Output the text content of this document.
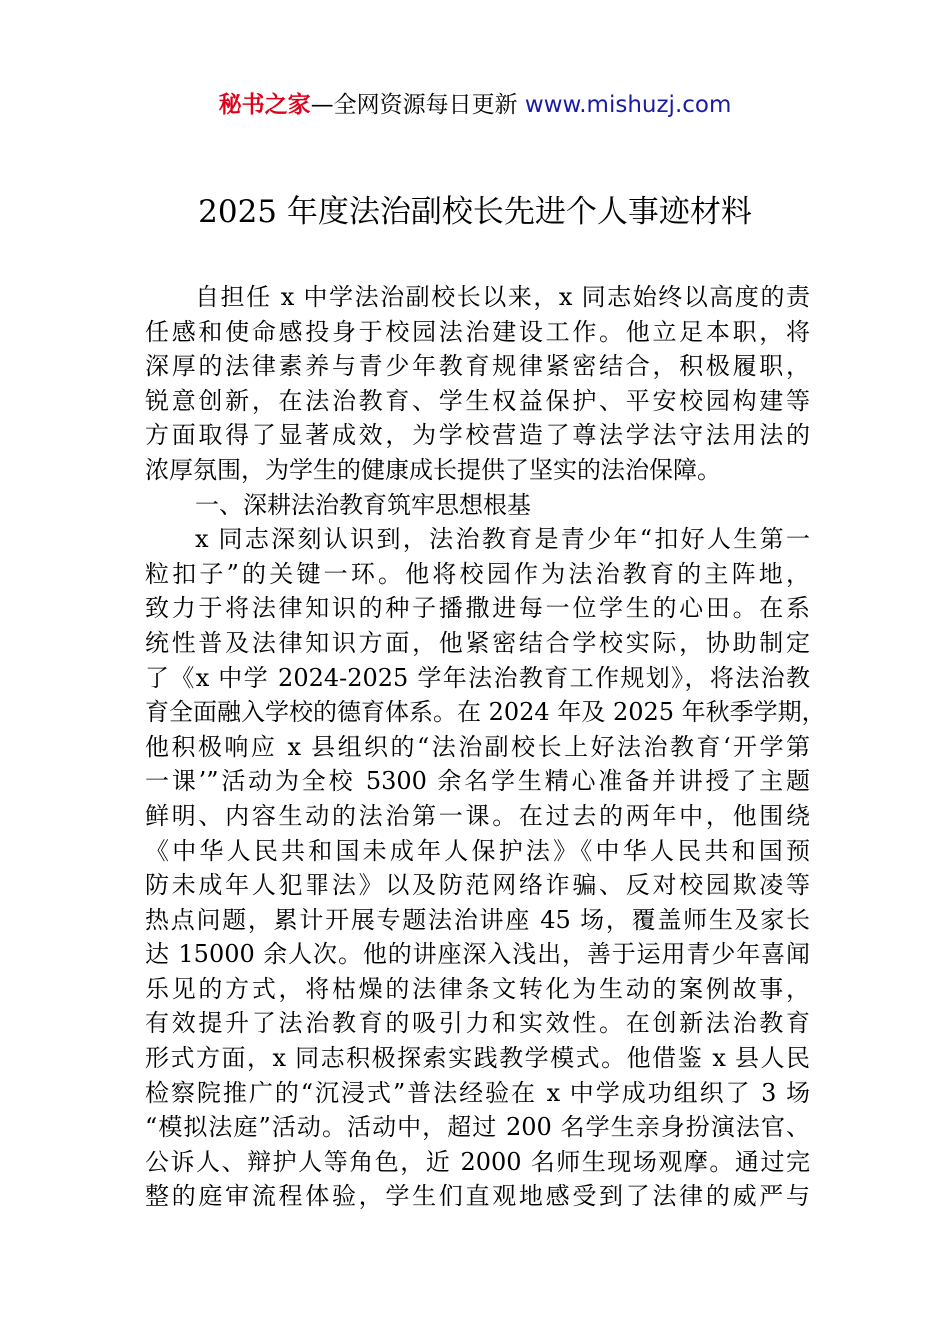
秘书之家—全网资源每日更新 www.mishuzj.com
2025 年度法治副校长先进个人事迹材料
自担任 x 中学法治副校长以来，x 同志始终以高度的责
任感和使命感投身于校园法治建设工作。他立足本职，将
深厚的法律素养与青少年教育规律紧密结合，积极履职，
锐意创新，在法治教育、学生权益保护、平安校园构建等
方面取得了显著成效，为学校营造了尊法学法守法用法的
浓厚氛围，为学生的健康成长提供了坚实的法治保障。
一、深耕法治教育筑牢思想根基
x 同志深刻认识到，法治教育是青少年“扣好人生第一
粒扣子”的关键一环。他将校园作为法治教育的主阵地，
致力于将法律知识的种子播撒进每一位学生的心田。在系
统性普及法律知识方面，他紧密结合学校实际，协助制定
了《x 中学 2024-2025 学年法治教育工作规划》，将法治教
育全面融入学校的德育体系。在 2024 年及 2025 年秋季学期，
他积极响应 x 县组织的“法治副校长上好法治教育‘开学第
一课’”活动为全校 5300 余名学生精心准备并讲授了主题
鲜明、内容生动的法治第一课。在过去的两年中，他围绕
《中华人民共和国未成年人保护法》《中华人民共和国预
防未成年人犯罪法》以及防范网络诈骗、反对校园欺凌等
热点问题，累计开展专题法治讲座 45 场，覆盖师生及家长
达 15000 余人次。他的讲座深入浅出，善于运用青少年喜闻
乐见的方式，将枯燥的法律条文转化为生动的案例故事，
有效提升了法治教育的吸引力和实效性。在创新法治教育
形式方面，x 同志积极探索实践教学模式。他借鉴 x 县人民
检察院推广的“沉浸式”普法经验在 x 中学成功组织了 3 场
“模拟法庭”活动。活动中，超过 200 名学生亲身扮演法官、
公诉人、辩护人等角色，近 2000 名师生现场观摩。通过完
整的庭审流程体验，学生们直观地感受到了法律的威严与
